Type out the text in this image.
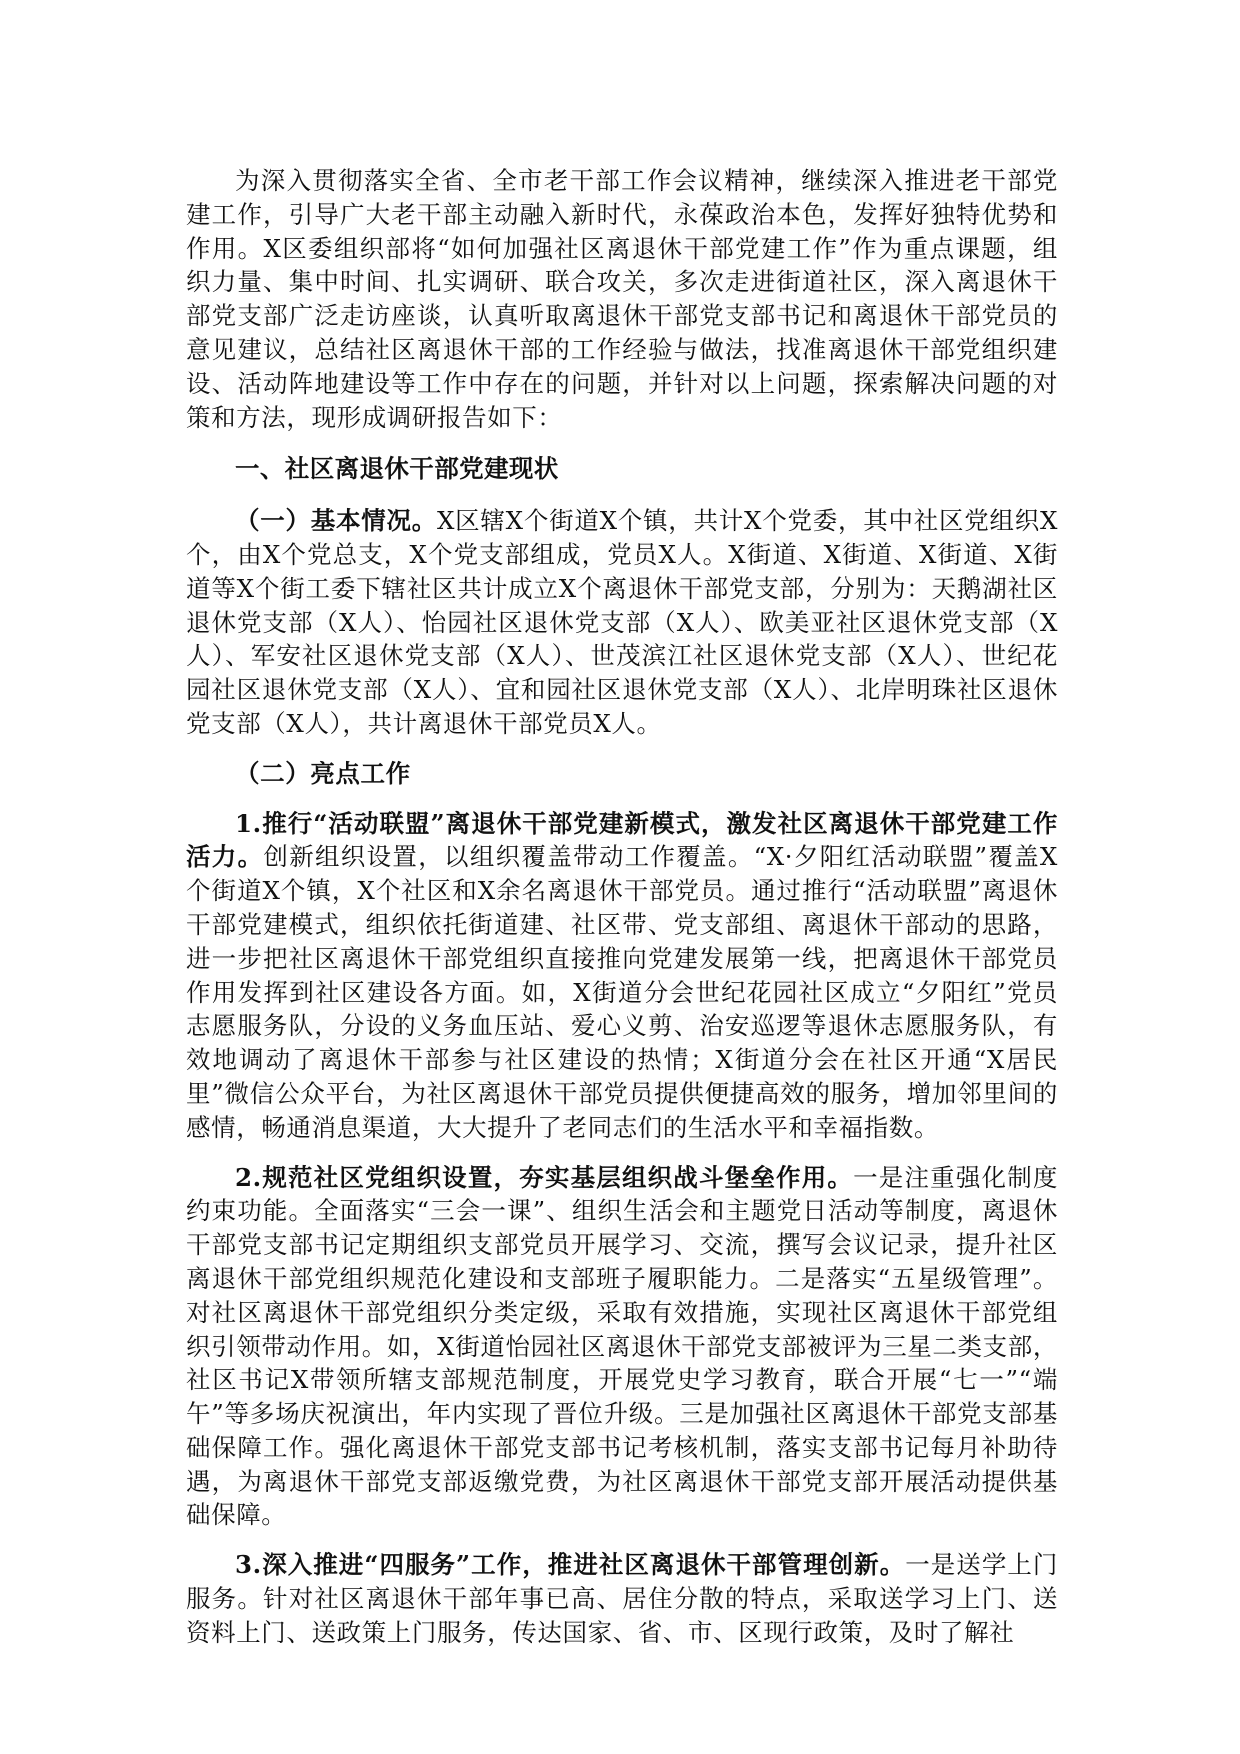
为深入贯彻落实全省、全市老干部工作会议精神，继续深入推进老干部党建工作，引导广大老干部主动融入新时代，永葆政治本色，发挥好独特优势和作用。X区委组织部将“如何加强社区离退休干部党建工作”作为重点课题，组织力量、集中时间、扎实调研、联合攻关，多次走进街道社区，深入离退休干部党支部广泛走访座谈，认真听取离退休干部党支部书记和离退休干部党员的意见建议，总结社区离退休干部的工作经验与做法，找准离退休干部党组织建设、活动阵地建设等工作中存在的问题，并针对以上问题，探索解决问题的对策和方法，现形成调研报告如下：

一、社区离退休干部党建现状

（一）基本情况。X区辖X个街道X个镇，共计X个党委，其中社区党组织X个，由X个党总支，X个党支部组成，党员X人。X街道、X街道、X街道、X街道等X个街工委下辖社区共计成立X个离退休干部党支部，分别为：天鹅湖社区退休党支部（X人）、怡园社区退休党支部（X人）、欧美亚社区退休党支部（X人）、军安社区退休党支部（X人）、世茂滨江社区退休党支部（X人）、世纪花园社区退休党支部（X人）、宜和园社区退休党支部（X人）、北岸明珠社区退休党支部（X人），共计离退休干部党员X人。

（二）亮点工作

1.推行“活动联盟”离退休干部党建新模式，激发社区离退休干部党建工作活力。创新组织设置，以组织覆盖带动工作覆盖。“X·夕阳红活动联盟”覆盖X个街道X个镇，X个社区和X余名离退休干部党员。通过推行“活动联盟”离退休干部党建模式，组织依托街道建、社区带、党支部组、离退休干部动的思路，进一步把社区离退休干部党组织直接推向党建发展第一线，把离退休干部党员作用发挥到社区建设各方面。如，X街道分会世纪花园社区成立“夕阳红”党员志愿服务队，分设的义务血压站、爱心义剪、治安巡逻等退休志愿服务队，有效地调动了离退休干部参与社区建设的热情；X街道分会在社区开通“X居民里”微信公众平台，为社区离退休干部党员提供便捷高效的服务，增加邻里间的感情，畅通消息渠道，大大提升了老同志们的生活水平和幸福指数。

2.规范社区党组织设置，夯实基层组织战斗堡垒作用。一是注重强化制度约束功能。全面落实“三会一课”、组织生活会和主题党日活动等制度，离退休干部党支部书记定期组织支部党员开展学习、交流，撰写会议记录，提升社区离退休干部党组织规范化建设和支部班子履职能力。二是落实“五星级管理”。对社区离退休干部党组织分类定级，采取有效措施，实现社区离退休干部党组织引领带动作用。如，X街道怡园社区离退休干部党支部被评为三星二类支部，社区书记X带领所辖支部规范制度，开展党史学习教育，联合开展“七一”“端午”等多场庆祝演出，年内实现了晋位升级。三是加强社区离退休干部党支部基础保障工作。强化离退休干部党支部书记考核机制，落实支部书记每月补助待遇，为离退休干部党支部返缴党费，为社区离退休干部党支部开展活动提供基础保障。

3.深入推进“四服务”工作，推进社区离退休干部管理创新。一是送学上门服务。针对社区离退休干部年事已高、居住分散的特点，采取送学习上门、送资料上门、送政策上门服务，传达国家、省、市、区现行政策，及时了解社
